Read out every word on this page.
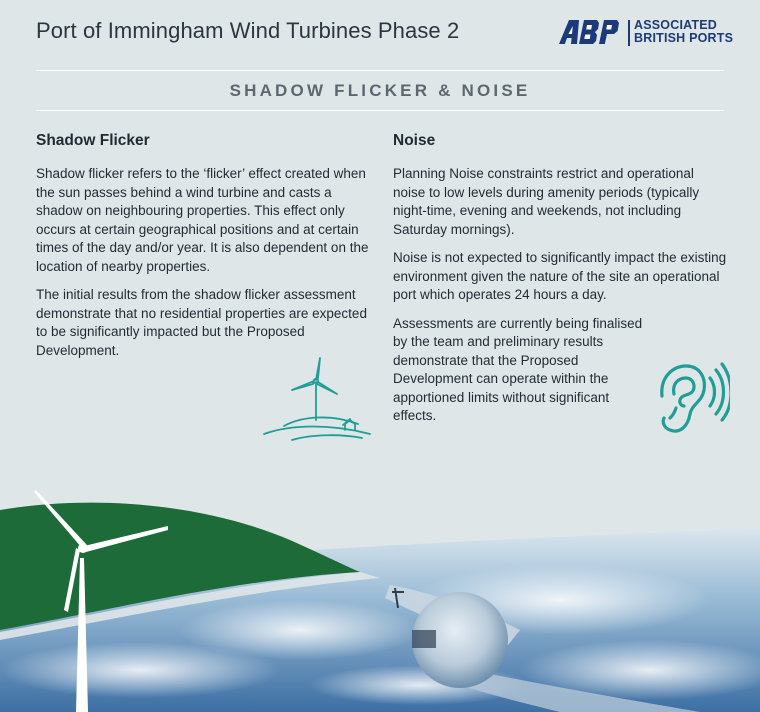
Port of Immingham Wind Turbines Phase 2	ASSOCIATED
BRITISH PORTS
SHADOW FLICKER & NOISE
Shadow Flicker

Shadow flicker refers to the ‘flicker’ effect created when the sun passes behind a wind turbine and casts a shadow on neighbouring properties. This effect only occurs at certain geographical positions and at certain times of the day and/or year. It is also dependent on the location of nearby properties.

The initial results from the shadow flicker assessment demonstrate that no residential properties are expected to be significantly impacted but the Proposed Development.

Noise

Planning Noise constraints restrict and operational noise to low levels during amenity periods (typically night-time, evening and weekends, not including Saturday mornings).

Noise is not expected to significantly impact the existing environment given the nature of the site an operational port which operates 24 hours a day.

Assessments are currently being finalised by the team and preliminary results demonstrate that the Proposed Development can operate within the apportioned limits without significant effects.
